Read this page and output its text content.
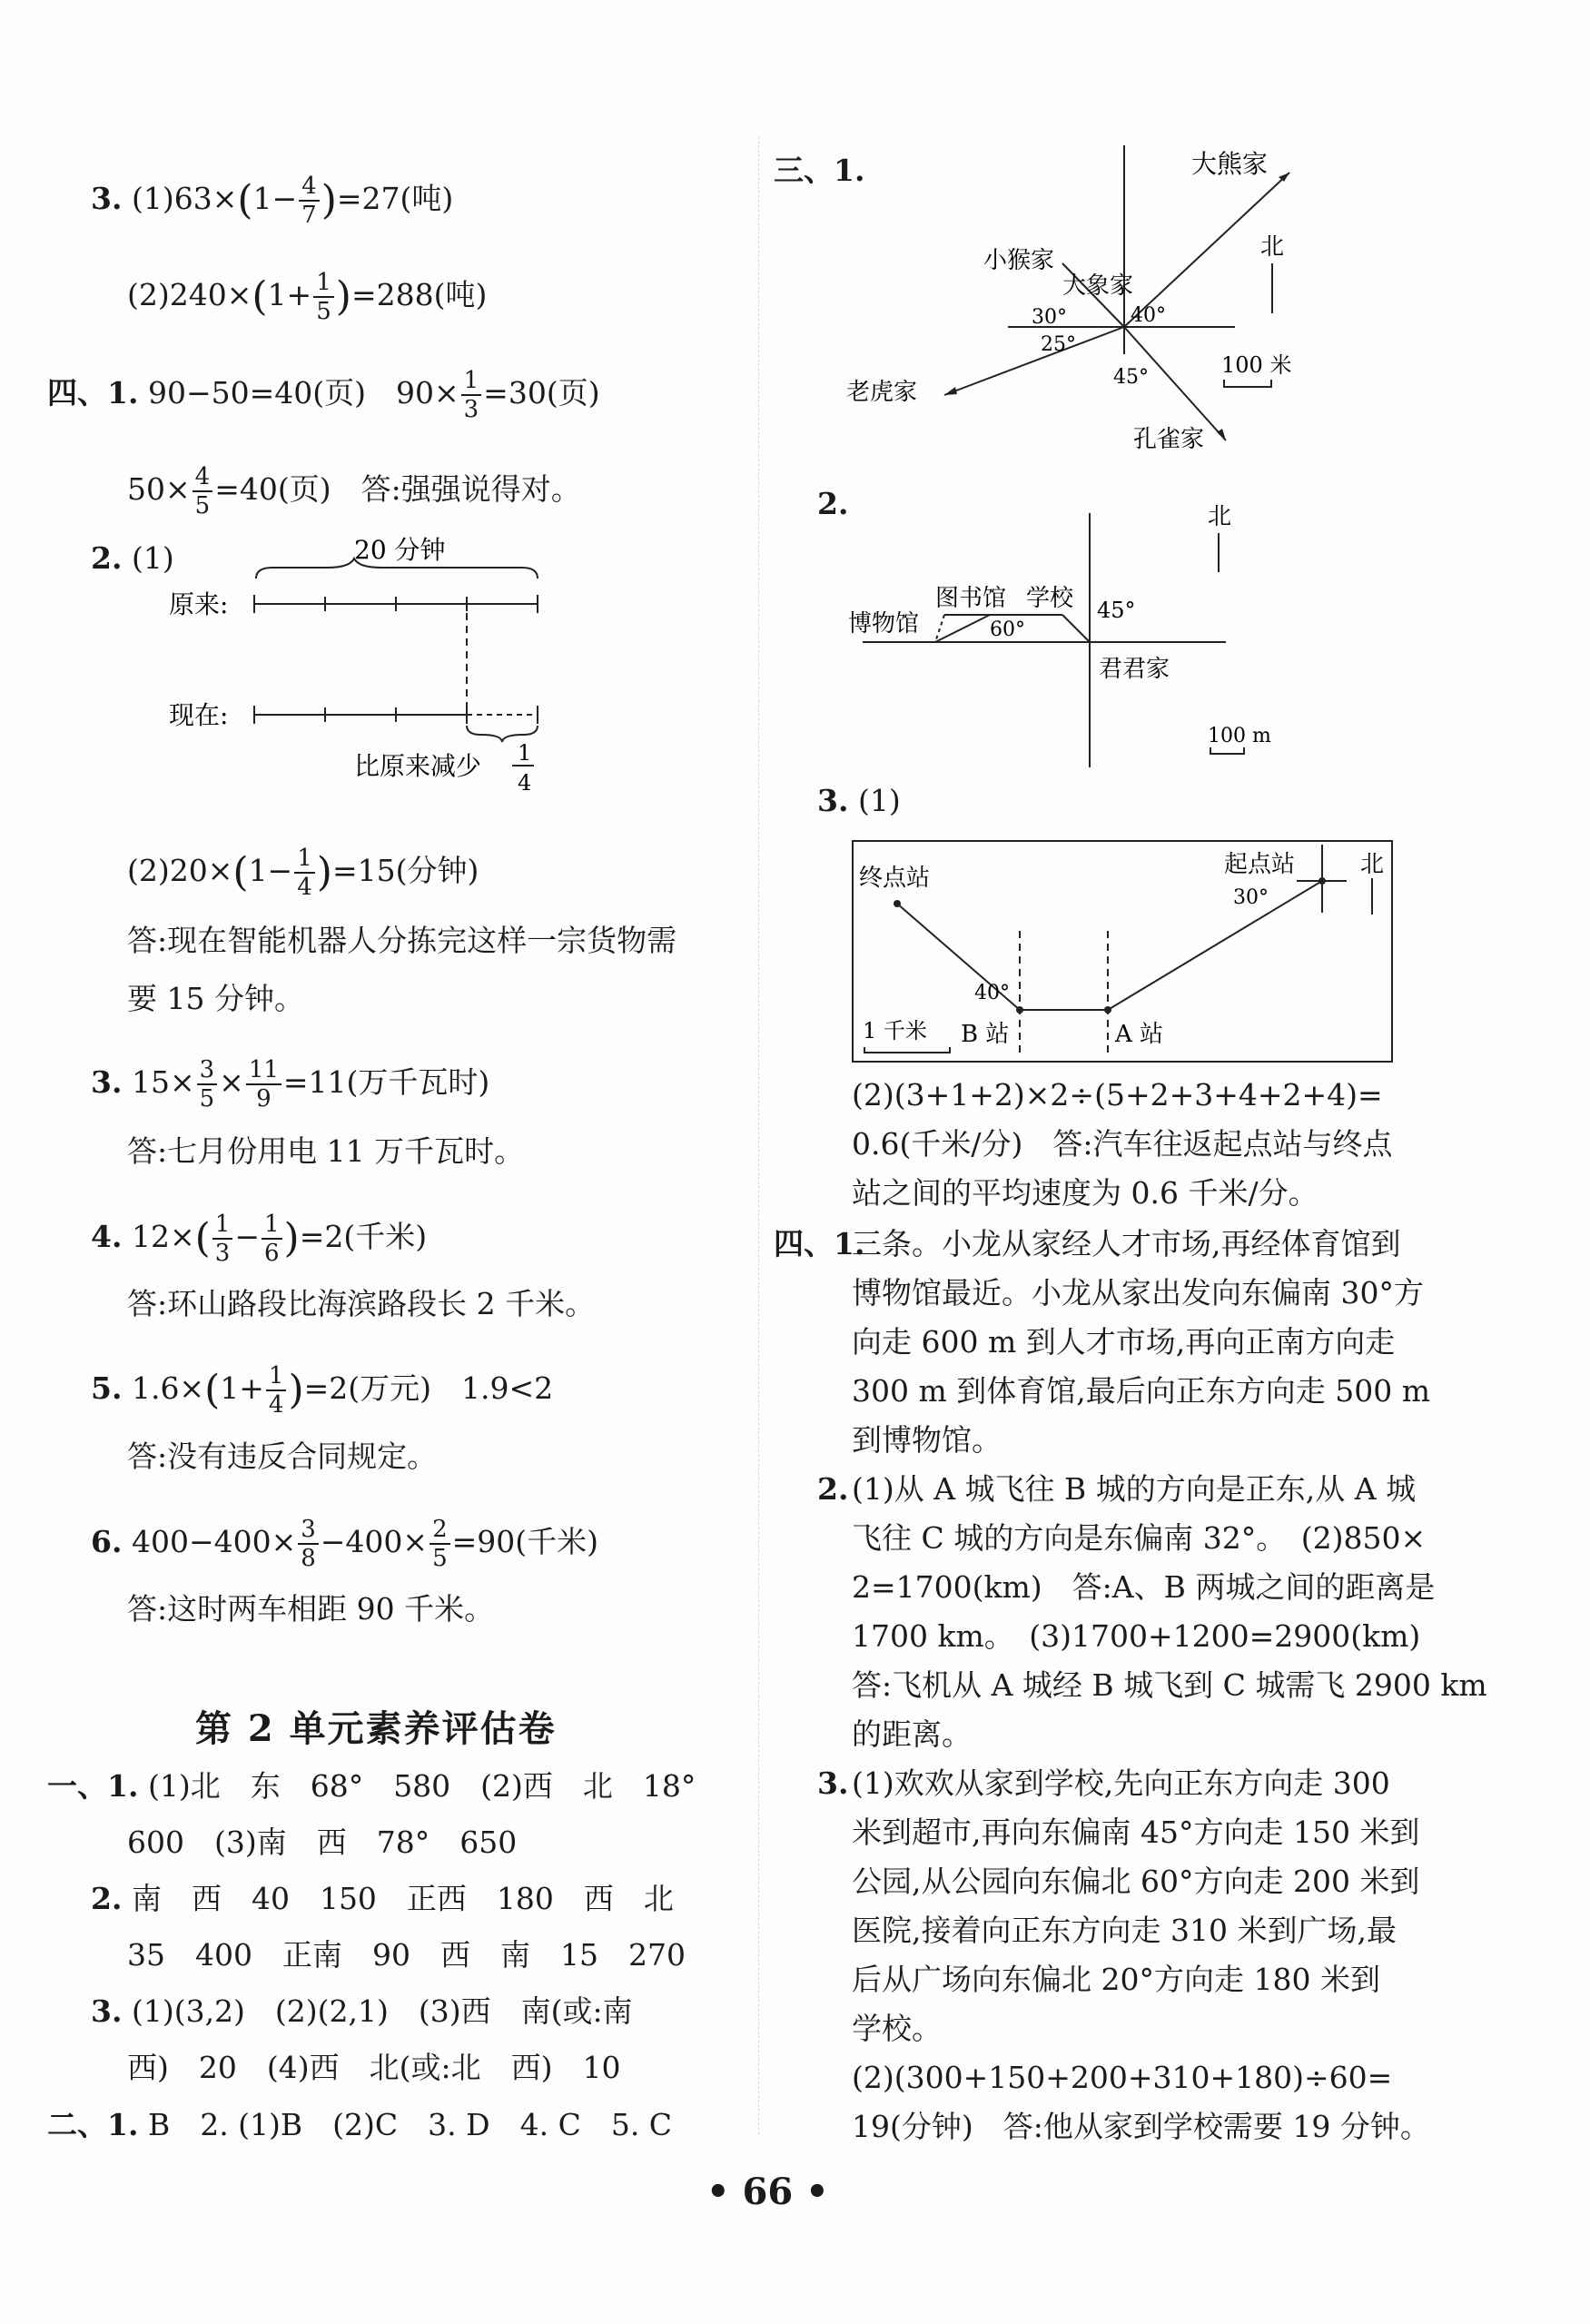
3. $(1)63\times(1- \frac{4}{7} )=27$(吨)
$(2)240\times(1+ \frac{1}{5} )=288$(吨)
四、1. 90−50=40(页)　$90\times \frac{1}{3} =30$(页)
$50\times \frac{4}{5} =40$(页)　答:强强说得对。
2. (1)	20 分钟
原来:
现在:
比原来减少 1
4
$(2)20\times(1- \frac{1}{4} )=15$(分钟)
答:现在智能机器人分拣完这样一宗货物需
要 15 分钟。
3. $15\times \frac{3}{5} \times \frac{11}{9} =11$(万千瓦时)
答:七月份用电 11 万千瓦时。
4. $12\times( \frac{1}{3} - \frac{1}{6} )=2$(千米)
答:环山路段比海滨路段长 2 千米。
5. $1.6\times(1+ \frac{1}{4} )=2$(万元)　1.9<2
答:没有违反合同规定。
6. $400-400\times \frac{3}{8} -400\times \frac{2}{5} =90$(千米)
答:这时两车相距 90 千米。
第 2 单元素养评估卷
一、1. (1)北　东　68°　580　(2)西　北　18°
600　(3)南　西　78°　650
2. 南　西　40　150　正西　180　西　北
35　400　正南　90　西　南　15　270
3. (1)(3,2)　(2)(2,1)　(3)西　南(或:南
西)　20　(4)西　北(或:北　西)　10
二、1. B　2. (1)B　(2)C　3. D　4. C　5. C
三、1.	大熊家
小猴家
大象家
老虎家
孔雀家
30°	40°
25°
45°
北
100 米
2.
图书馆 学校
博物馆
君君家
45°
60°
北
100 m
3. (1)
终点站	起点站
30°
40°
B 站	A 站
北
1 千米
(2)(3+1+2)×2÷(5+2+3+4+2+4)=
0.6(千米/分)　答:汽车往返起点站与终点
站之间的平均速度为 0.6 千米/分。
四、1.
三条。小龙从家经人才市场,再经体育馆到
博物馆最近。小龙从家出发向东偏南 30°方
向走 600 m 到人才市场,再向正南方向走
300 m 到体育馆,最后向正东方向走 500 m
到博物馆。
2. (1)从 A 城飞往 B 城的方向是正东,从 A 城
飞往 C 城的方向是东偏南 32°。　(2)850×
2=1700(km)　答:A、B 两城之间的距离是
1700 km。　(3)1700+1200=2900(km)
答:飞机从 A 城经 B 城飞到 C 城需飞 2900 km
的距离。
3. (1)欢欢从家到学校,先向正东方向走 300
米到超市,再向东偏南 45°方向走 150 米到
公园,从公园向东偏北 60°方向走 200 米到
医院,接着向正东方向走 310 米到广场,最
后从广场向东偏北 20°方向走 180 米到
学校。
(2)(300+150+200+310+180)÷60=
19(分钟)　答:他从家到学校需要 19 分钟。
• 66 •
